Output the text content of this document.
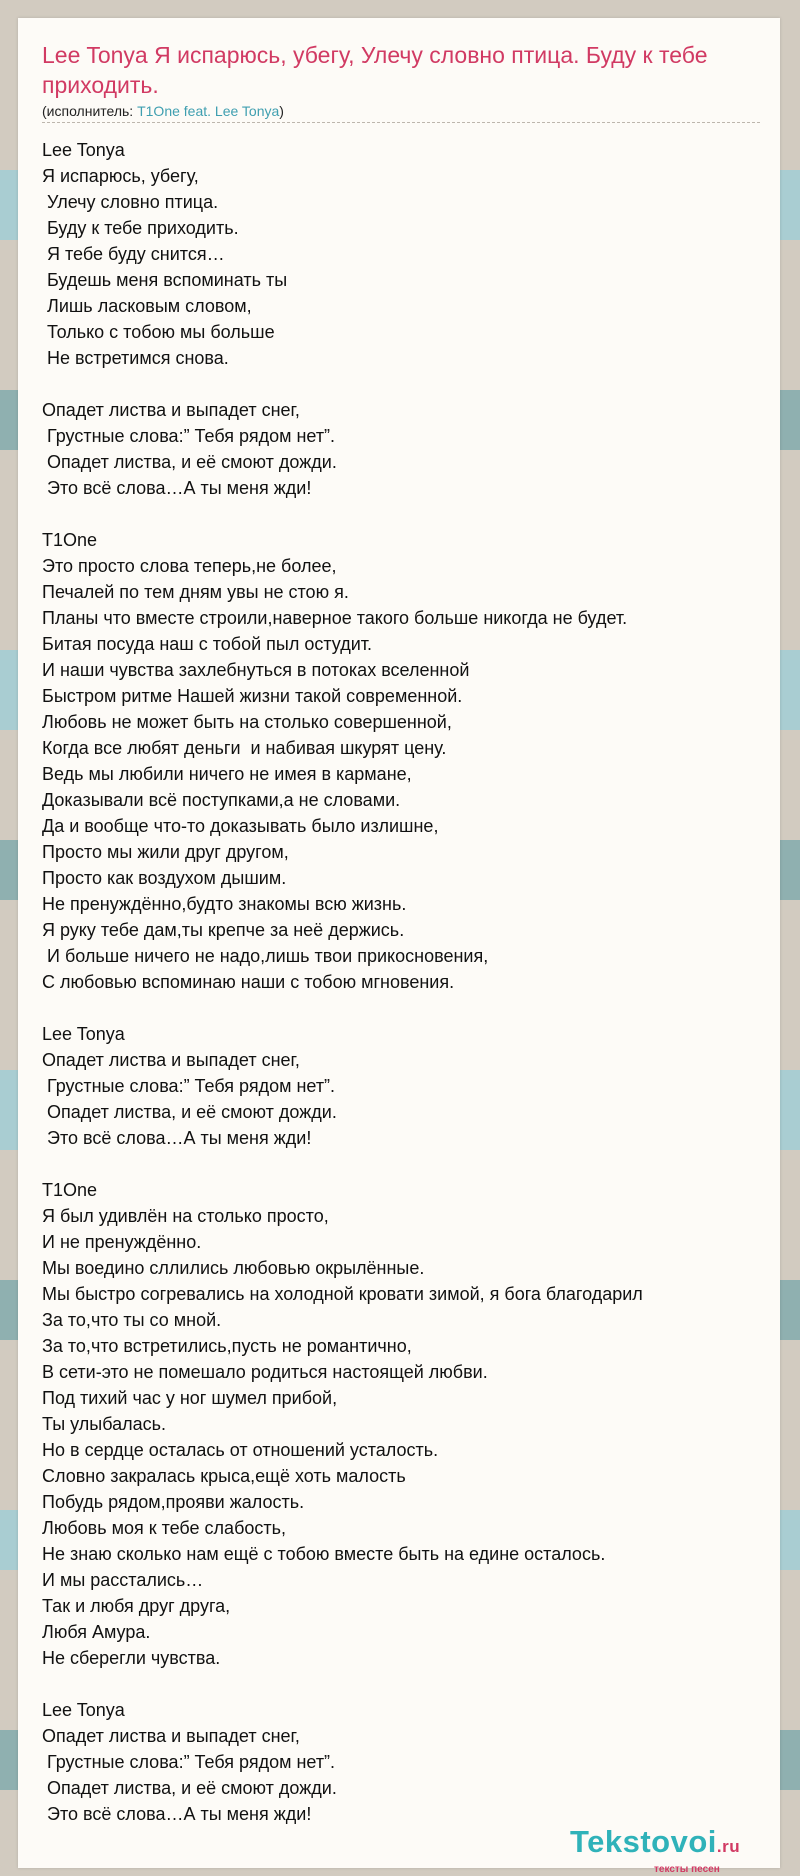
Lee Tonya Я испарюсь, убегу, Улечу словно птица. Буду к тебе приходить.
(исполнитель: T1One feat. Lee Tonya)
Lee Tonya
Я испарюсь, убегу,
Улечу словно птица.
Буду к тебе приходить.
Я тебе буду снится…
Будешь меня вспоминать ты
Лишь ласковым словом,
Только с тобою мы больше
Не встретимся снова.

Опадет листва и выпадет снег,
Грустные слова:” Тебя рядом нет”.
Опадет листва, и её смоют дожди.
Это всё слова…А ты меня жди!

T1One
Это просто слова теперь,не более,
Печалей по тем дням увы не стою я.
Планы что вместе строили,наверное такого больше никогда не будет.
Битая посуда наш с тобой пыл остудит.
И наши чувства захлебнуться в потоках вселенной
Быстром ритме Нашей жизни такой современной.
Любовь не может быть на столько совершенной,
Когда все любят деньги  и набивая шкурят цену.
Ведь мы любили ничего не имея в кармане,
Доказывали всё поступками,а не словами.
Да и вообще что-то доказывать было излишне,
Просто мы жили друг другом,
Просто как воздухом дышим.
Не пренуждённо,будто знакомы всю жизнь.
Я руку тебе дам,ты крепче за неё держись.
И больше ничего не надо,лишь твои прикосновения,
С любовью вспоминаю наши с тобою мгновения.

Lee Tonya
Опадет листва и выпадет снег,
Грустные слова:” Тебя рядом нет”.
Опадет листва, и её смоют дожди.
Это всё слова…А ты меня жди!

T1One
Я был удивлён на столько просто,
И не пренуждённо.
Мы воедино сллились любовью окрылённые.
Мы быстро согревались на холодной кровати зимой, я бога благодарил
За то,что ты со мной.
За то,что встретились,пусть не романтично,
В сети-это не помешало родиться настоящей любви.
Под тихий час у ног шумел прибой,
Ты улыбалась.
Но в сердце осталась от отношений усталость.
Словно закралась крыса,ещё хоть малость
Побудь рядом,прояви жалость.
Любовь моя к тебе слабость,
Не знаю сколько нам ещё с тобою вместе быть на едине осталось.
И мы расстались…
Так и любя друг друга,
Любя Амура.
Не сберегли чувства.

Lee Tonya
Опадет листва и выпадет снег,
Грустные слова:” Тебя рядом нет”.
Опадет листва, и её смоют дожди.
Это всё слова…А ты меня жди!
Tekstovoi.ru
тексты песен
